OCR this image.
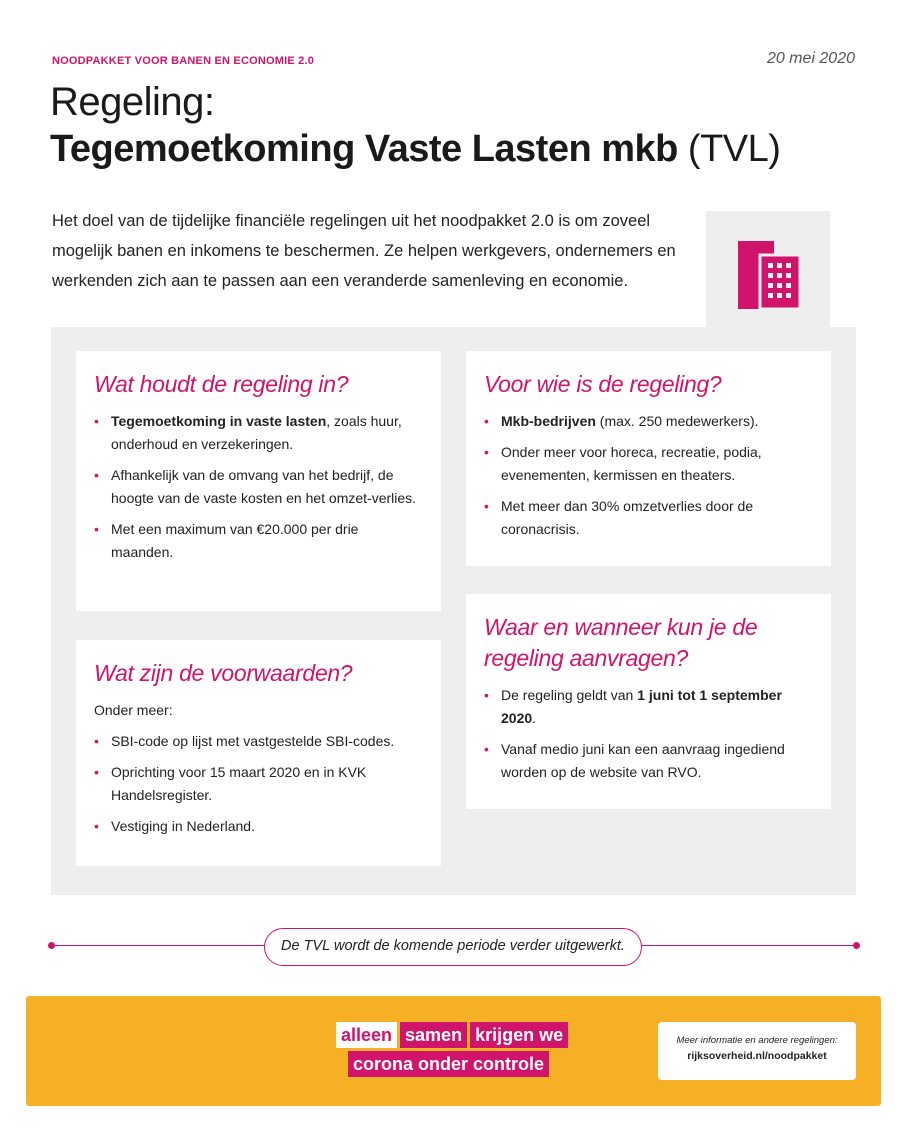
NOODPAKKET VOOR BANEN EN ECONOMIE 2.0	20 mei 2020
Regeling:
Tegemoetkoming Vaste Lasten mkb (TVL)

Het doel van de tijdelijke financiële regelingen uit het noodpakket 2.0 is om zoveel mogelijk banen en inkomens te beschermen. Ze helpen werkgevers, ondernemers en werkenden zich aan te passen aan een veranderde samenleving en economie.

Wat houdt de regeling in?
• Tegemoetkoming in vaste lasten, zoals huur, onderhoud en verzekeringen.
• Afhankelijk van de omvang van het bedrijf, de hoogte van de vaste kosten en het omzet-verlies.
• Met een maximum van €20.000 per drie maanden.
Voor wie is de regeling?
• Mkb-bedrijven (max. 250 medewerkers).
• Onder meer voor horeca, recreatie, podia, evenementen, kermissen en theaters.
• Met meer dan 30% omzetverlies door de coronacrisis.
Wat zijn de voorwaarden?

Onder meer:

• SBI-code op lijst met vastgestelde SBI-codes.
• Oprichting voor 15 maart 2020 en in KVK Handelsregister.
• Vestiging in Nederland.
Waar en wanneer kun je de regeling aanvragen?
• De regeling geldt van 1 juni tot 1 september 2020.
• Vanaf medio juni kan een aanvraag ingediend worden op de website van RVO.
De TVL wordt de komende periode verder uitgewerkt.
alleen samen krijgen we
corona onder controle
Meer informatie en andere regelingen:
rijksoverheid.nl/noodpakket
